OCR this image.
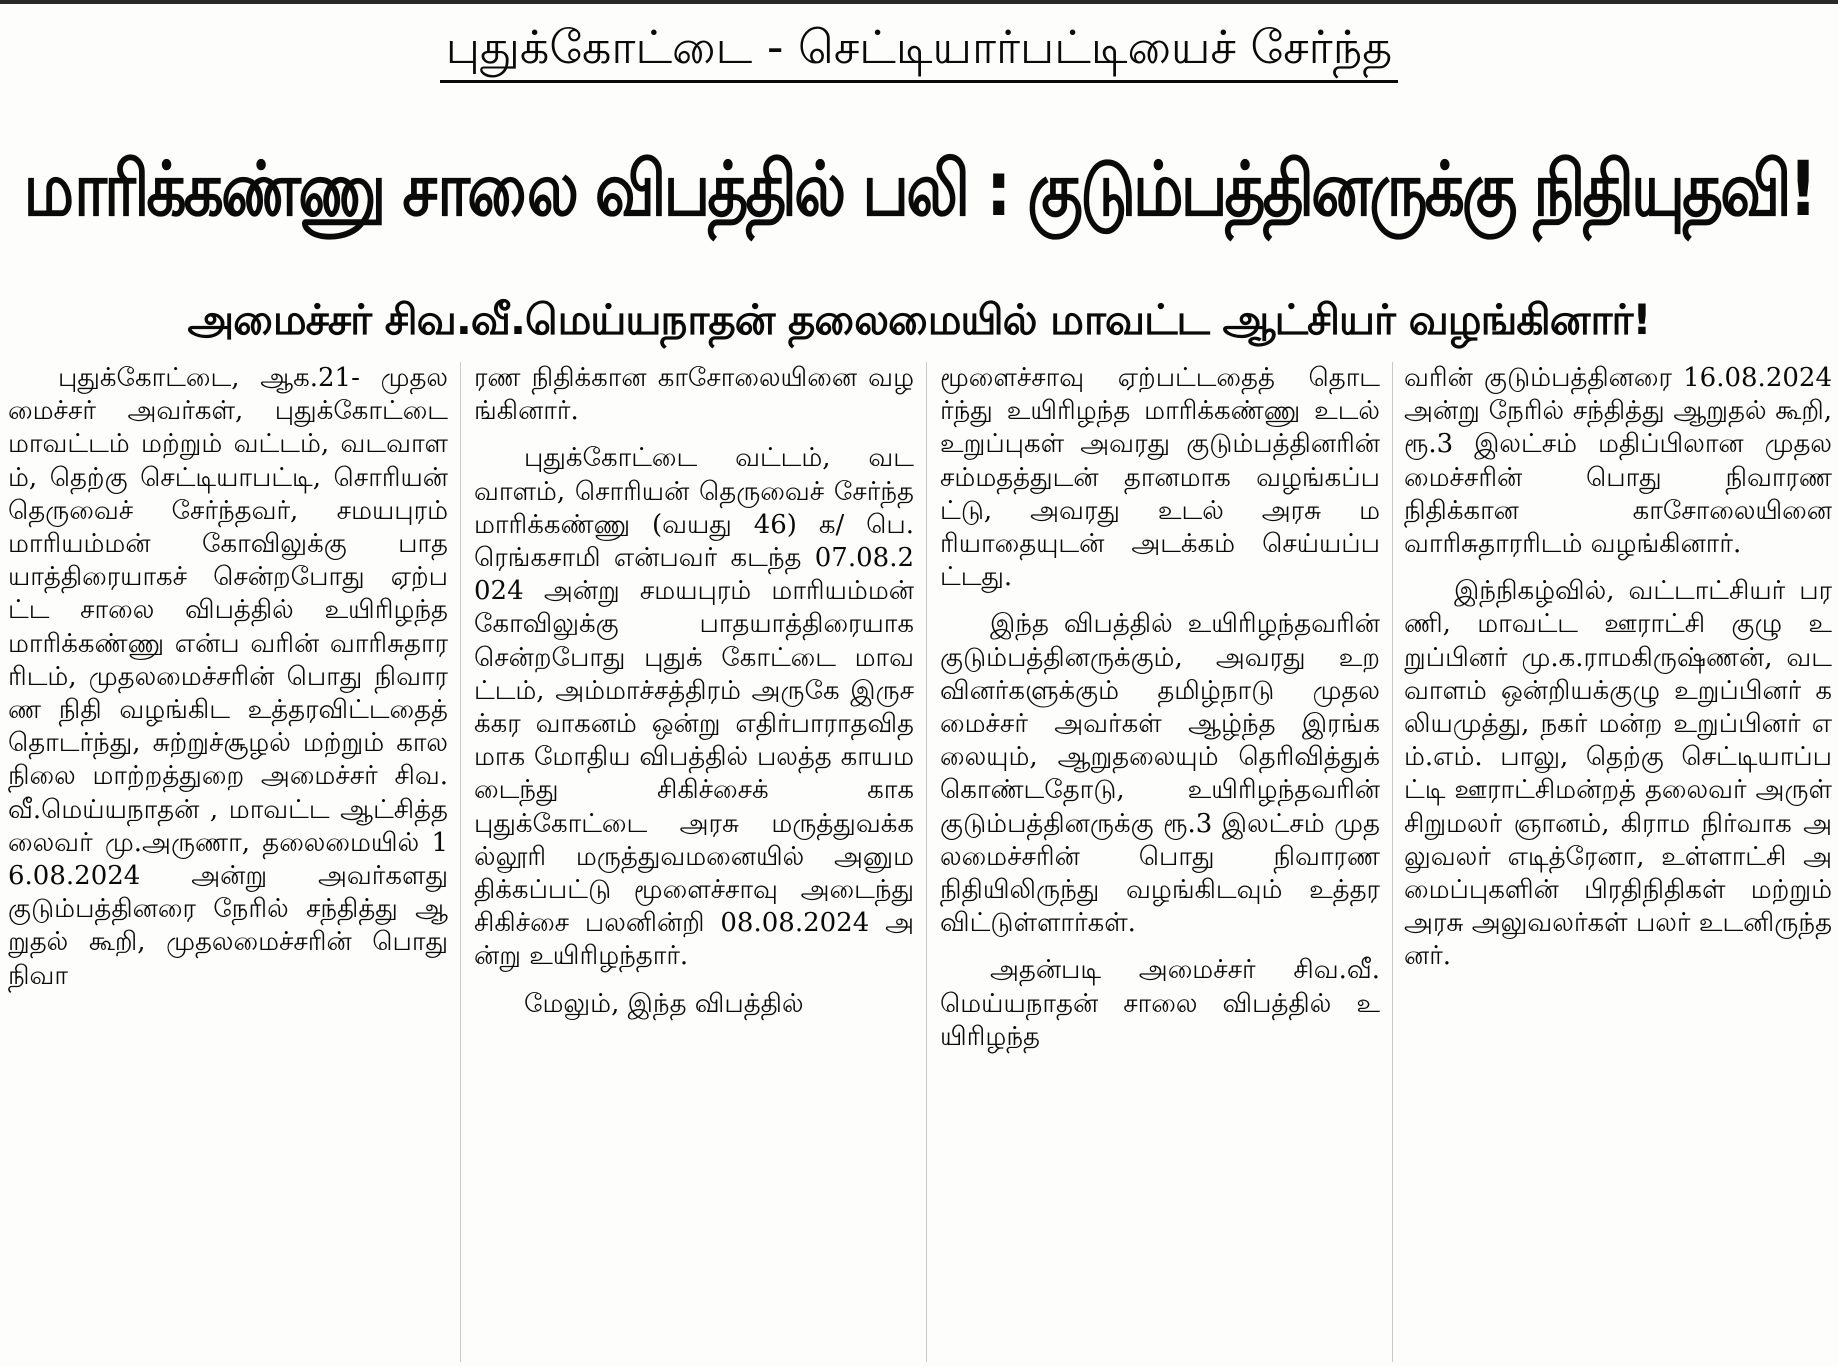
புதுக்கோட்டை - செட்டியார்பட்டியைச் சேர்ந்த
மாரிக்கண்ணு சாலை விபத்தில் பலி : குடும்பத்தினருக்கு நிதியுதவி!
அமைச்சர் சிவ.வீ.மெய்யநாதன் தலைமையில் மாவட்ட ஆட்சியர் வழங்கினார்!

புதுக்கோட்டை, ஆக.21- முதலமைச்சர் அவர்கள், புதுக்கோட்டை மாவட்டம் மற்றும் வட்டம், வடவாளம், தெற்கு செட்டியாபட்டி, சொரியன் தெருவைச் சேர்ந்தவர், சமயபுரம் மாரியம்மன் கோவிலுக்கு பாதயாத்திரையாகச் சென்றபோது ஏற்பட்ட சாலை விபத்தில் உயிரிழந்த மாரிக்கண்ணு என்ப வரின் வாரிசுதாரரிடம், முதலமைச்சரின் பொது நிவாரண நிதி வழங்கிட உத்தரவிட்டதைத் தொடர்ந்து, சுற்றுச்சூழல் மற்றும் காலநிலை மாற்றத்துறை அமைச்சர் சிவ.வீ.மெய்யநாதன் , மாவட்ட ஆட்சித்தலைவர் மு.அருணா, தலைமையில் 16.08.2024 அன்று அவர்களது குடும்பத்தினரை நேரில் சந்தித்து ஆறுதல் கூறி, முதலமைச்சரின் பொது நிவா

ரண நிதிக்கான காசோலையினை வழங்கினார்.

புதுக்கோட்டை வட்டம், வடவாளம், சொரியன் தெருவைச் சேர்ந்த மாரிக்கண்ணு (வயது 46) க/ பெ.ரெங்கசாமி என்பவர் கடந்த 07.08.2024 அன்று சமயபுரம் மாரியம்மன் கோவிலுக்கு பாதயாத்திரையாக சென்றபோது புதுக் கோட்டை மாவட்டம், அம்மாச்சத்திரம் அருகே இருசக்கர வாகனம் ஒன்று எதிர்பாராதவிதமாக மோதிய விபத்தில் பலத்த காயமடைந்து சிகிச்சைக் காக புதுக்கோட்டை அரசு மருத்துவக்கல்லூரி மருத்துவமனையில் அனுமதிக்கப்பட்டு மூளைச்சாவு அடைந்து சிகிச்சை பலனின்றி 08.08.2024 அன்று உயிரிழந்தார்.

மேலும், இந்த விபத்தில்

மூளைச்சாவு ஏற்பட்டதைத் தொடர்ந்து உயிரிழந்த மாரிக்கண்ணு உடல் உறுப்புகள் அவரது குடும்பத்தினரின் சம்மதத்துடன் தானமாக வழங்கப்பட்டு, அவரது உடல் அரசு மரியாதையுடன் அடக்கம் செய்யப்பட்டது.

இந்த விபத்தில் உயிரிழந்தவரின் குடும்பத்தினருக்கும், அவரது உறவினர்களுக்கும் தமிழ்நாடு முதலமைச்சர் அவர்கள் ஆழ்ந்த இரங்கலையும், ஆறுதலையும் தெரிவித்துக் கொண்டதோடு, உயிரிழந்தவரின் குடும்பத்தினருக்கு ரூ.3 இலட்சம் முதலமைச்சரின் பொது நிவாரண நிதியிலிருந்து வழங்கிடவும் உத்தரவிட்டுள்ளார்கள்.

அதன்படி அமைச்சர் சிவ.வீ.மெய்யநாதன் சாலை விபத்தில் உயிரிழந்த

வரின் குடும்பத்தினரை 16.08.2024 அன்று நேரில் சந்தித்து ஆறுதல் கூறி, ரூ.3 இலட்சம் மதிப்பிலான முதலமைச்சரின் பொது நிவாரண நிதிக்கான காசோலையினை வாரிசுதாரரிடம் வழங்கினார்.

இந்நிகழ்வில், வட்டாட்சியர் பரணி, மாவட்ட ஊராட்சி குழு உறுப்பினர் மு.க.ராமகிருஷ்ணன், வடவாளம் ஒன்றியக்குழு உறுப்பினர் கலியமுத்து, நகர் மன்ற உறுப்பினர் எம்.எம். பாலு, தெற்கு செட்டியாப்பட்டி ஊராட்சிமன்றத் தலைவர் அருள் சிறுமலர் ஞானம், கிராம நிர்வாக அலுவலர் எடித்ரேனா, உள்ளாட்சி அமைப்புகளின் பிரதிநிதிகள் மற்றும் அரசு அலுவலர்கள் பலர் உடனிருந்தனர்.
